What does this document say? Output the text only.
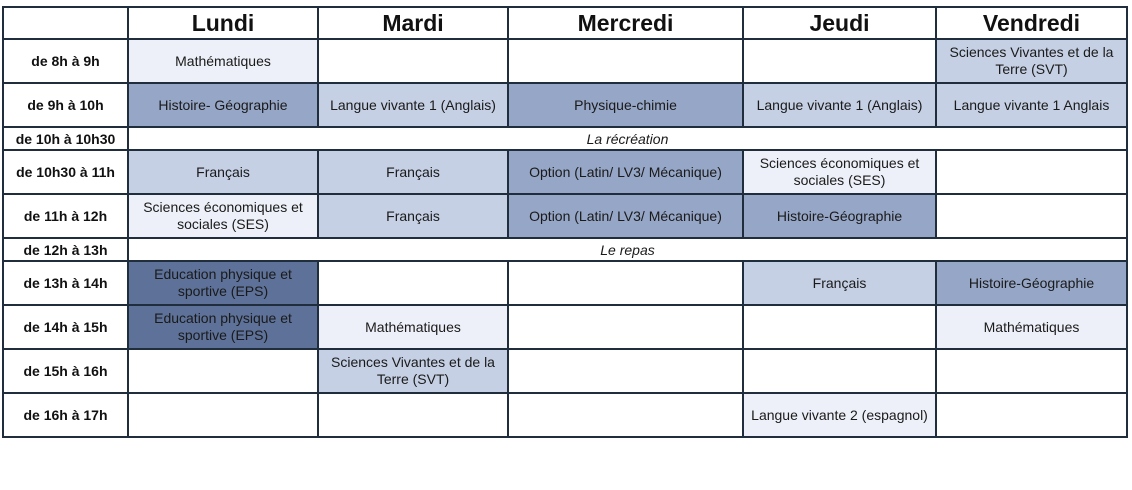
	Lundi	Mardi	Mercredi	Jeudi	Vendredi
de 8h à 9h	Mathématiques				Sciences Vivantes et de la Terre (SVT)
de 9h à 10h	Histoire- Géographie	Langue vivante 1 (Anglais)	Physique-chimie	Langue vivante 1 (Anglais)	Langue vivante 1 Anglais
de 10h à 10h30	La récréation				
de 10h30 à 11h	Français	Français	Option (Latin/ LV3/ Mécanique)	Sciences économiques et sociales (SES)	
de 11h à 12h	Sciences économiques et sociales (SES)	Français	Option (Latin/ LV3/ Mécanique)	Histoire-Géographie	
de 12h à 13h	Le repas				
de 13h à 14h	Education physique et sportive (EPS)			Français	Histoire-Géographie
de 14h à 15h	Education physique et sportive (EPS)	Mathématiques			Mathématiques
de 15h à 16h		Sciences Vivantes et de la Terre (SVT)			
de 16h à 17h				Langue vivante 2 (espagnol)	
